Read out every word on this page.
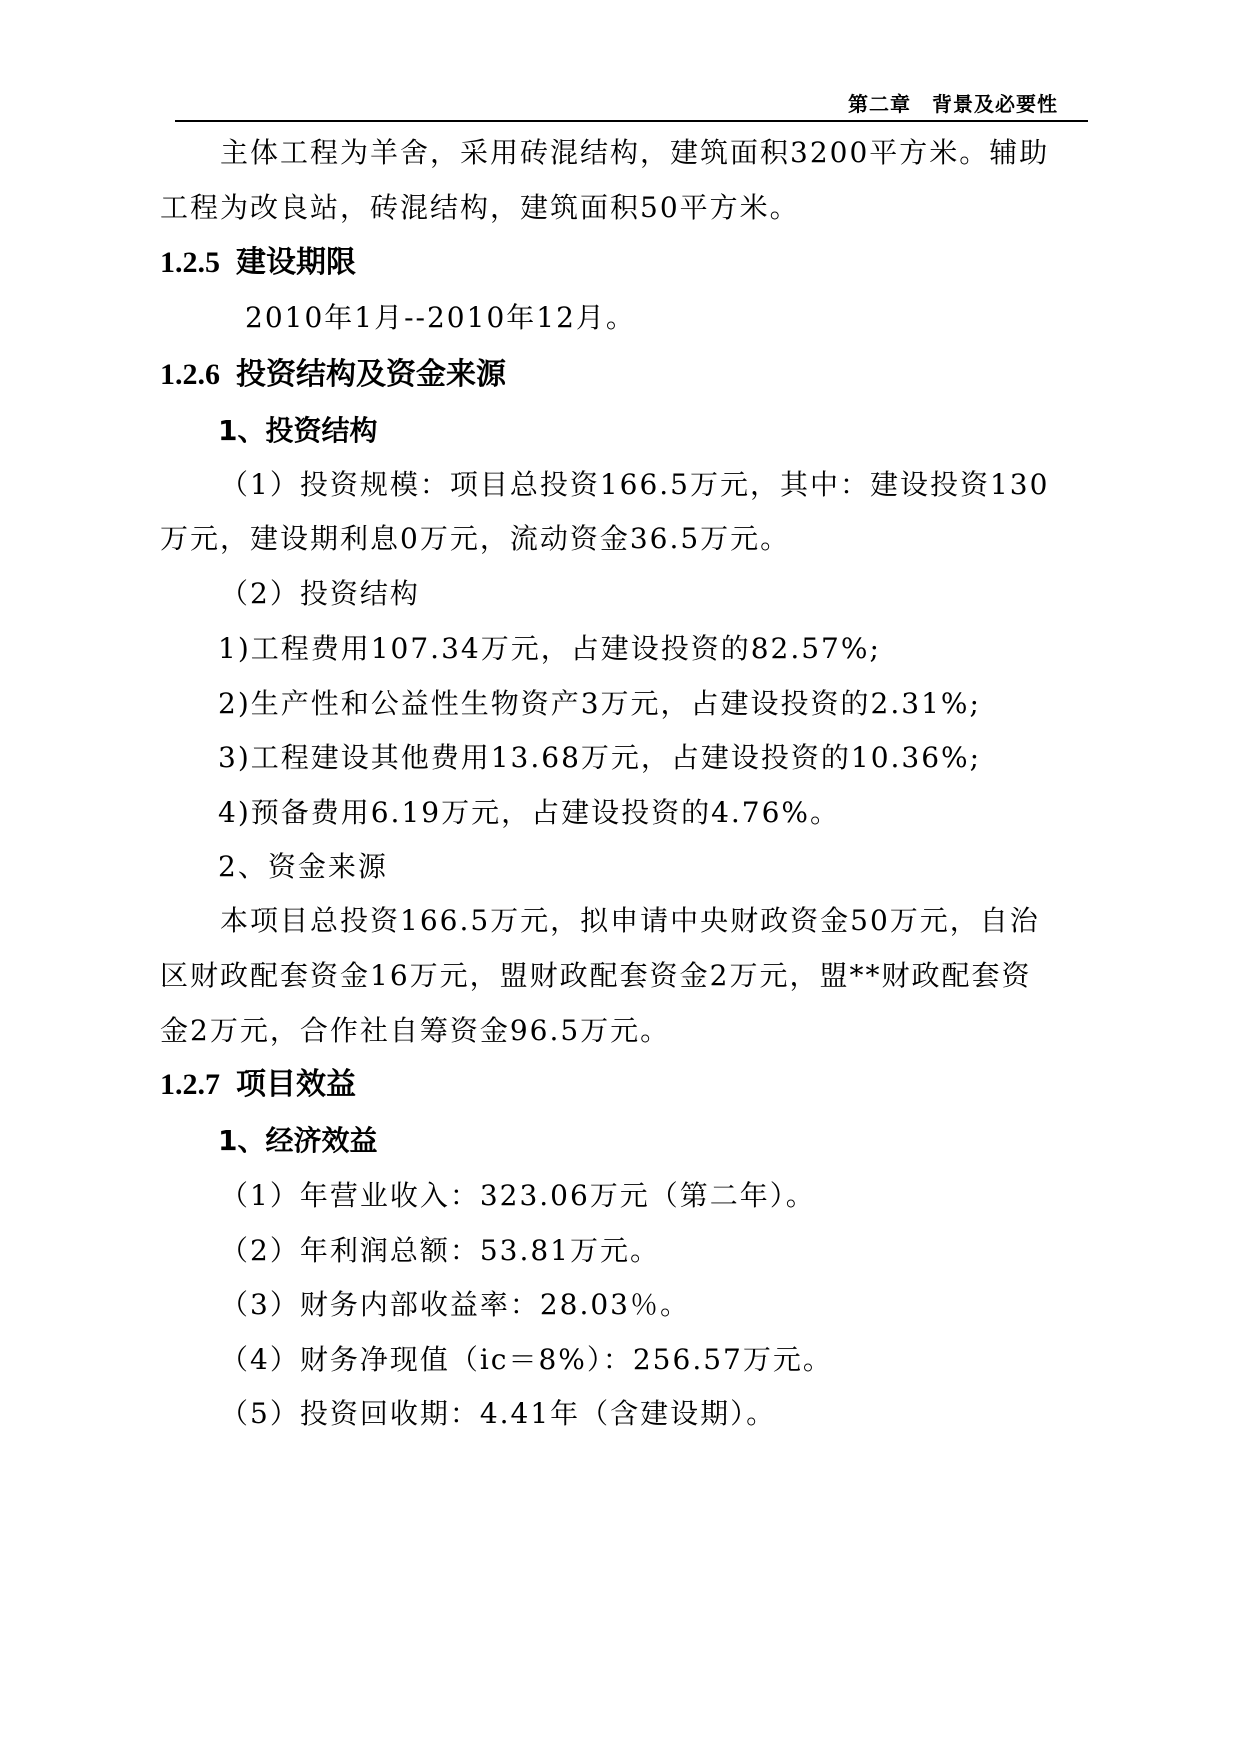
第二章　背景及必要性
主体工程为羊舍，采用砖混结构，建筑面积3200平方米。辅助
工程为改良站，砖混结构，建筑面积50平方米。
1.2.5 建设期限
2010年1月--2010年12月。
1.2.6 投资结构及资金来源
1、投资结构
（1）投资规模：项目总投资166.5万元，其中：建设投资130
万元，建设期利息0万元，流动资金36.5万元。
（2）投资结构
1)工程费用107.34万元，占建设投资的82.57%;
2)生产性和公益性生物资产3万元，占建设投资的2.31%;
3)工程建设其他费用13.68万元，占建设投资的10.36%;
4)预备费用6.19万元，占建设投资的4.76%。
2、资金来源
本项目总投资166.5万元，拟申请中央财政资金50万元，自治
区财政配套资金16万元，盟财政配套资金2万元，盟**财政配套资
金2万元，合作社自筹资金96.5万元。
1.2.7 项目效益
1、经济效益
（1）年营业收入：323.06万元（第二年）。
（2）年利润总额：53.81万元。
（3）财务内部收益率：28.03％。
（4）财务净现值（ic＝8%）：256.57万元。
（5）投资回收期：4.41年（含建设期）。
